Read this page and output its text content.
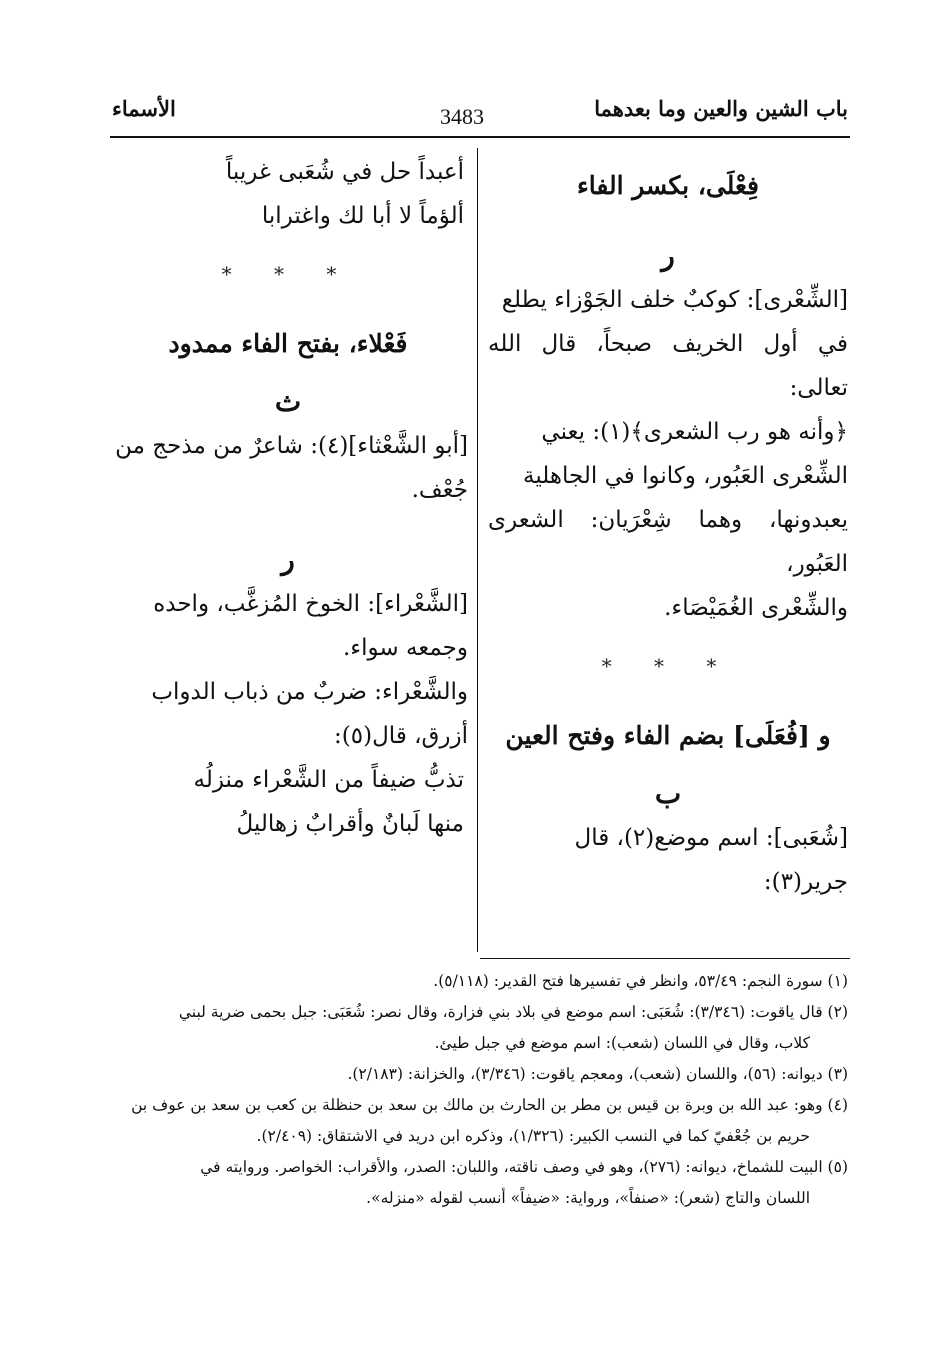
باب الشين والعين وما بعدهما
3483
الأسماء

فِعْلَى، بكسر الفاء

ر

[الشِّعْرى]: كوكبٌ خلف الجَوْزاء يطلع

في أول الخريف صبحاً، قال الله تعالى:

﴿وأنه هو رب الشعرى﴾(١): يعني

الشِّعْرى العَبُور، وكانوا في الجاهلية

يعبدونها، وهما شِعْرَيان: الشعرى العَبُور،

والشِّعْرى الغُمَيْصَاء.

* * *

و [فُعَلَى] بضم الفاء وفتح العين

ب

[شُعَبى]: اسم موضع(٢)، قال

جرير(٣):

أعبداً حل في شُعَبى غريباً

ألؤماً لا أبا لك واغترابا

* * *

فَعْلاء، بفتح الفاء ممدود

ث

[أبو الشَّعْثاء](٤): شاعرٌ من مذحج من

جُعْف.

ر

[الشَّعْراء]: الخوخ المُزغَّب، واحده

وجمعه سواء.

والشَّعْراء: ضربٌ من ذباب الدواب

أزرق، قال(٥):

تذبُّ ضيفاً من الشَّعْراء منزلُه

منها لَبانٌ وأقرابٌ زهاليلُ

(١) سورة النجم: ٥٣/٤٩، وانظر في تفسيرها فتح القدير: (٥/١١٨).

(٢) قال ياقوت: (٣/٣٤٦): شُعَبَى: اسم موضع في بلاد بني فزارة، وقال نصر: شُعَبَى: جبل بحمى ضرية لبني

كلاب، وقال في اللسان (شعب): اسم موضع في جبل طيئ.

(٣) ديوانه: (٥٦)، واللسان (شعب)، ومعجم ياقوت: (٣/٣٤٦)، والخزانة: (٢/١٨٣).

(٤) وهو: عبد الله بن وبرة بن قيس بن مطر بن الحارث بن مالك بن سعد بن حنظلة بن كعب بن سعد بن عوف بن

حريم بن جُعْفيّ كما في النسب الكبير: (١/٣٢٦)، وذكره ابن دريد في الاشتقاق: (٢/٤٠٩).

(٥) البيت للشماخ، ديوانه: (٢٧٦)، وهو في وصف ناقته، واللبان: الصدر، والأقراب: الخواصر. وروايته في

اللسان والتاج (شعر): «صنفاً»، ورواية: «ضيفاً» أنسب لقوله «منزله».
